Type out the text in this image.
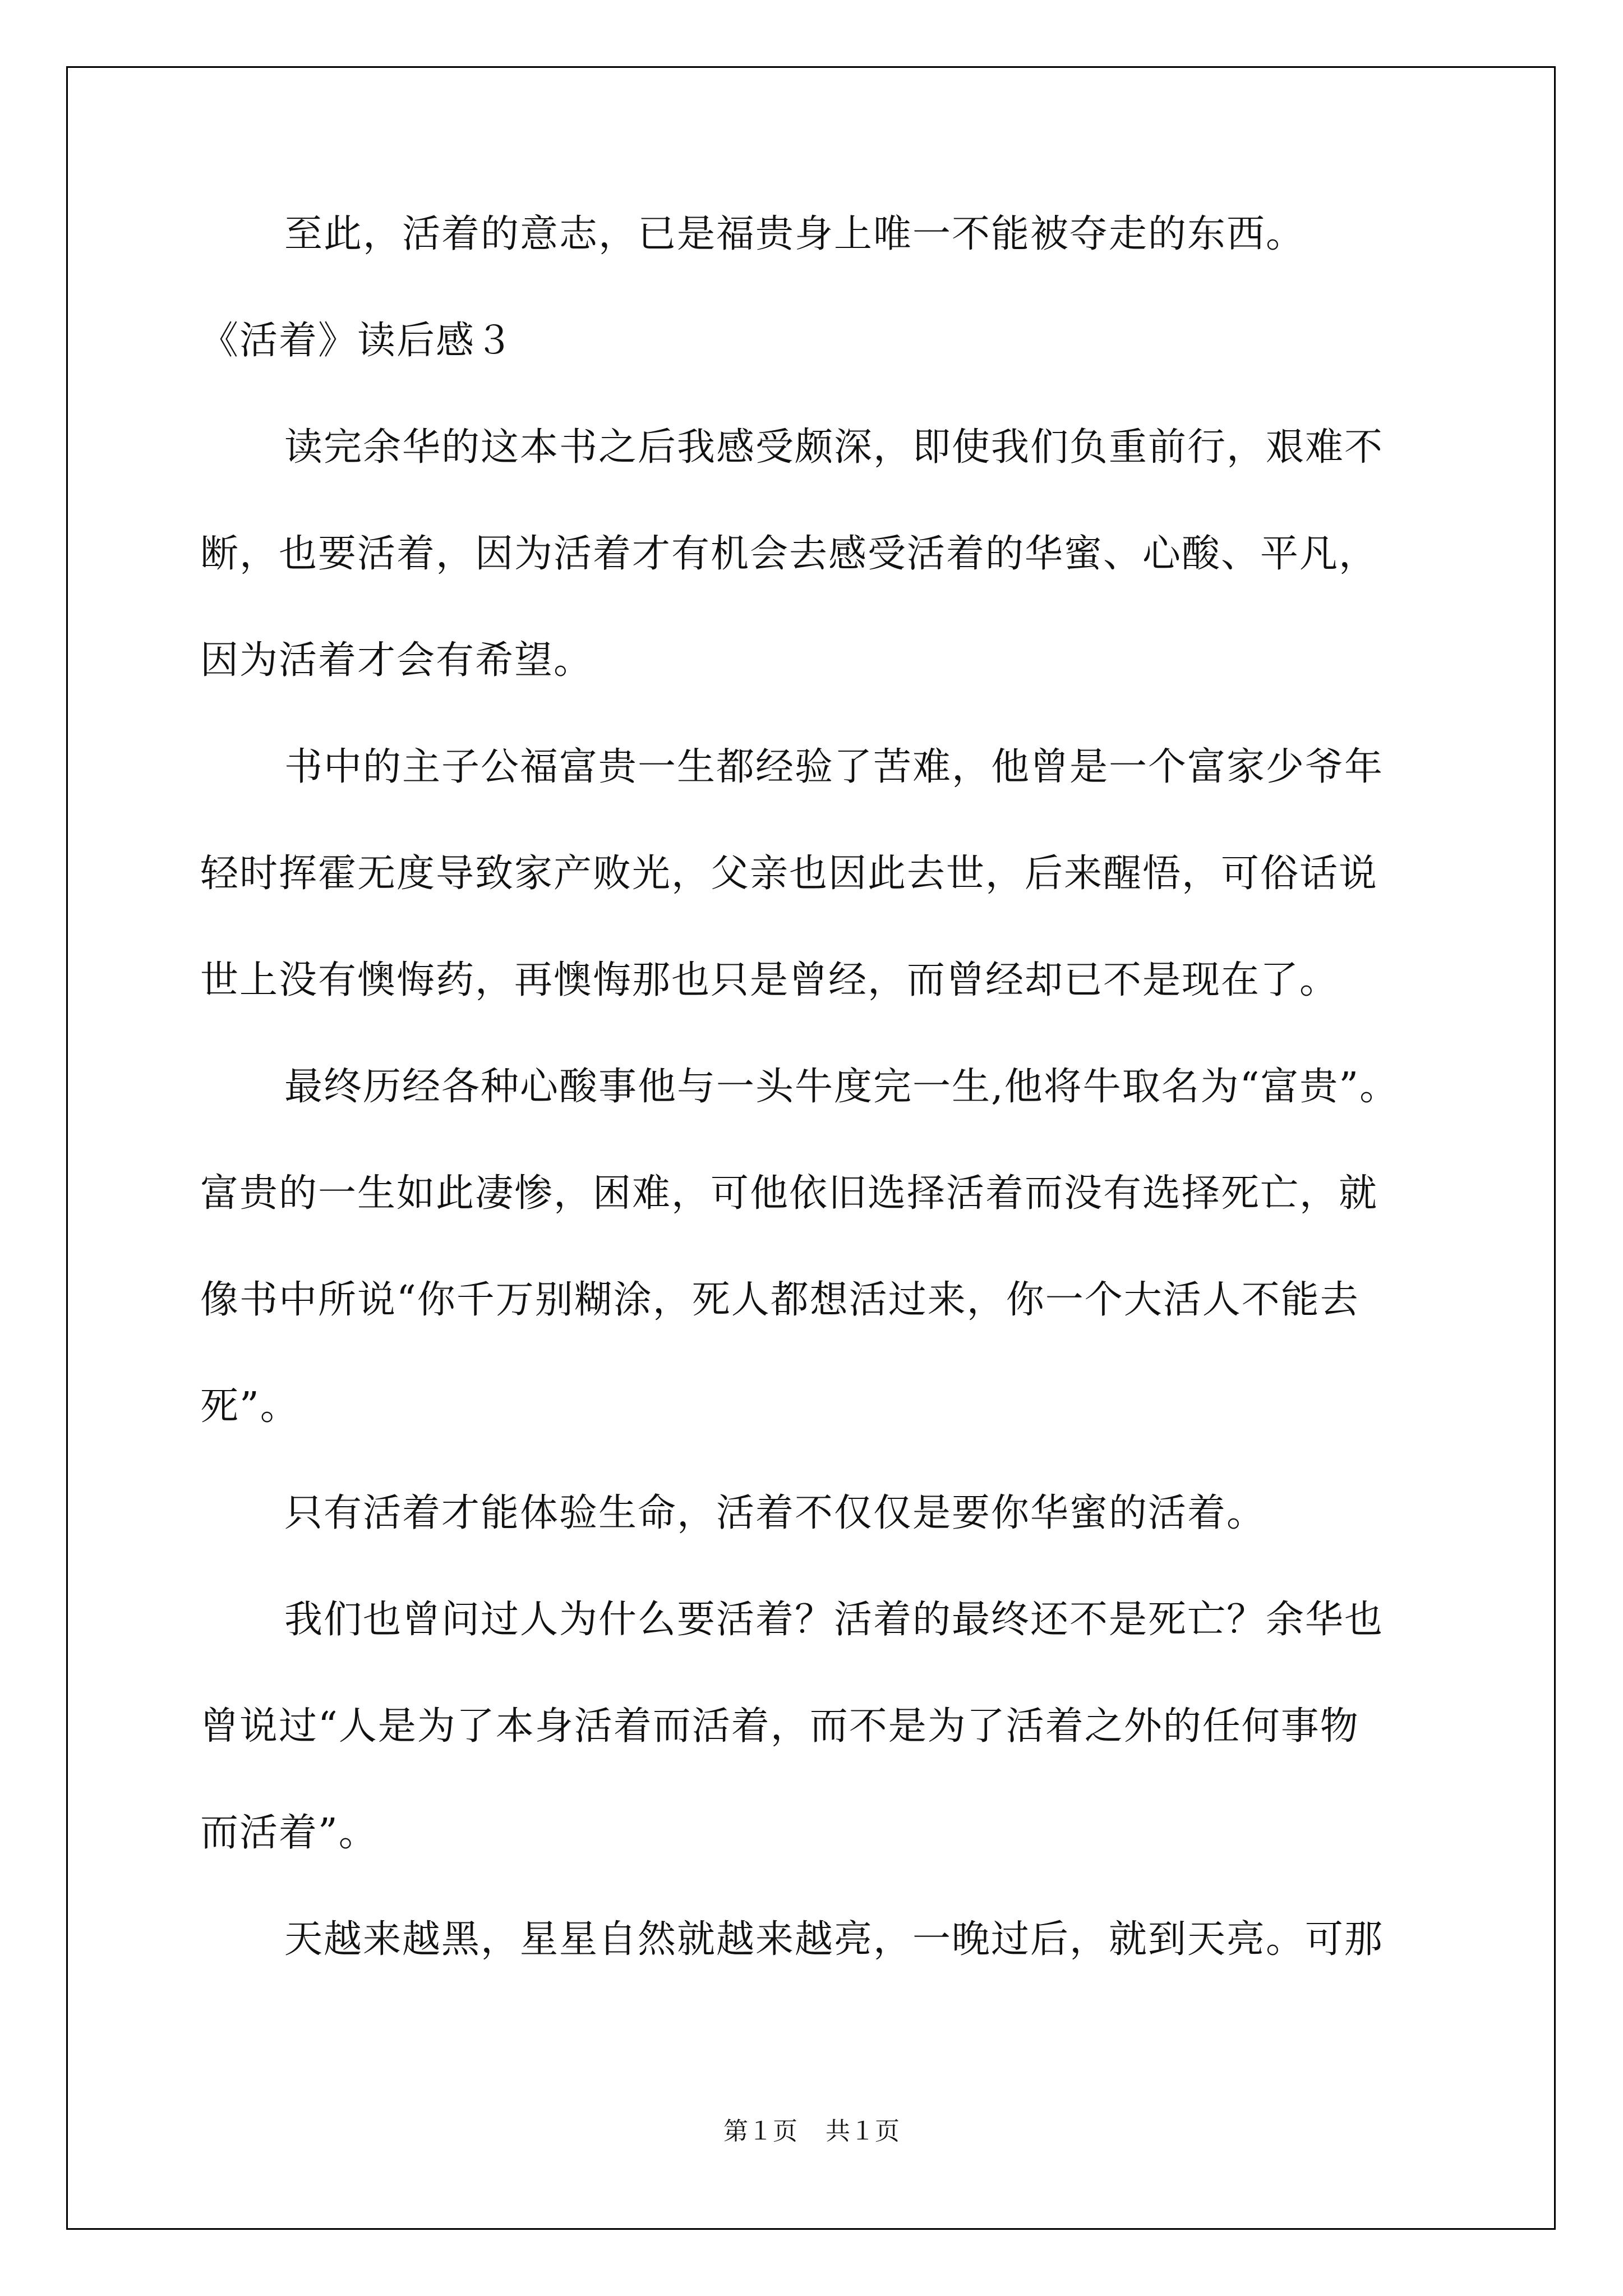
至此，活着的意志，已是福贵身上唯一不能被夺走的东西。
《活着》读后感３
读完余华的这本书之后我感受颇深，即使我们负重前行，艰难不
断，也要活着，因为活着才有机会去感受活着的华蜜、心酸、平凡，
因为活着才会有希望。
书中的主子公福富贵一生都经验了苦难，他曾是一个富家少爷年
轻时挥霍无度导致家产败光，父亲也因此去世，后来醒悟，可俗话说
世上没有懊悔药，再懊悔那也只是曾经，而曾经却已不是现在了。
最终历经各种心酸事他与一头牛度完一生,他将牛取名为“富贵”。
富贵的一生如此凄惨，困难，可他依旧选择活着而没有选择死亡，就
像书中所说“你千万别糊涂，死人都想活过来，你一个大活人不能去
死”。
只有活着才能体验生命，活着不仅仅是要你华蜜的活着。
我们也曾问过人为什么要活着？活着的最终还不是死亡？余华也
曾说过“人是为了本身活着而活着，而不是为了活着之外的任何事物
而活着”。
天越来越黑，星星自然就越来越亮，一晚过后，就到天亮。可那
第１页 共１页
